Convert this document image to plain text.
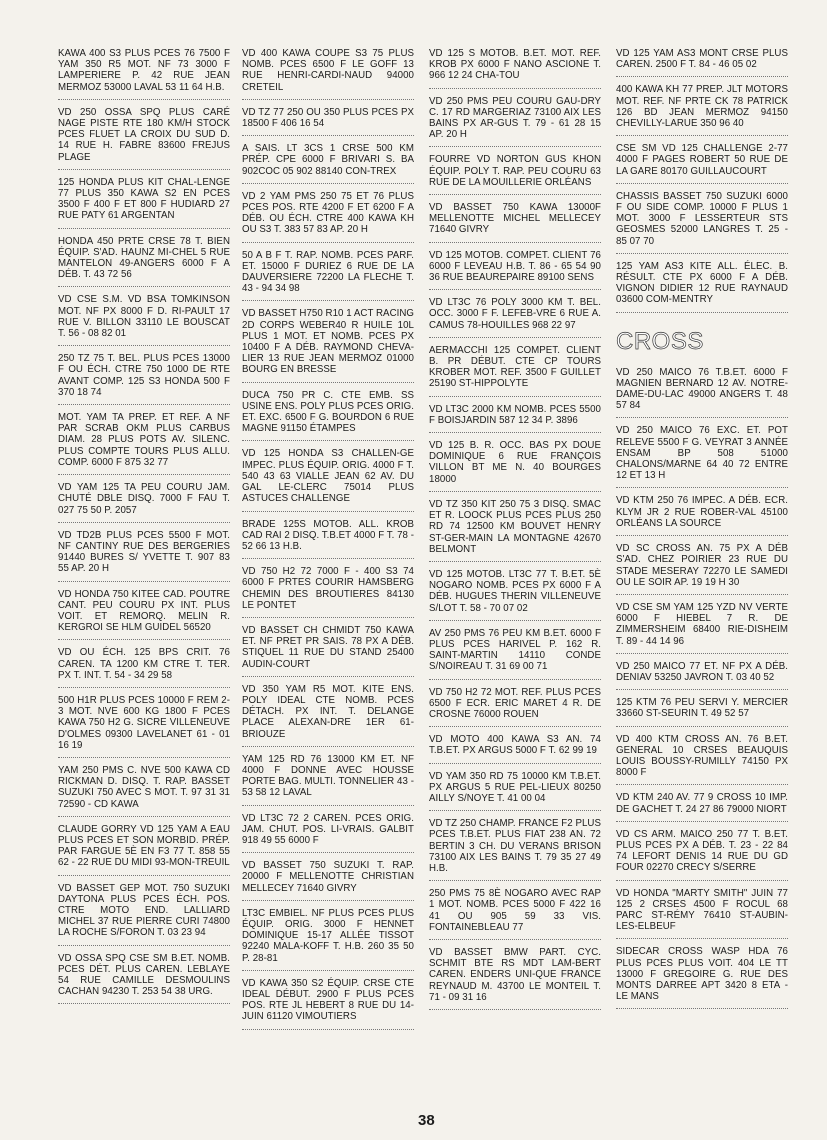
KAWA 400 S3 PLUS PCES 76 7500 F YAM 350 R5 MOT. NF 73 3000 F LAMPERIERE P. 42 RUE JEAN MERMOZ 53000 LAVAL 53 11 64 H.B.
VD 250 OSSA SPQ PLUS CARÉ NAGE PISTE RTE 180 KM/H STOCK PCES FLUET LA CROIX DU SUD D. 14 RUE H. FABRE 83600 FREJUS PLAGE
125 HONDA PLUS KIT CHAL-LENGE 77 PLUS 350 KAWA S2 EN PCES 3500 F 400 F ET 800 F HUDIARD 27 RUE PATY 61 ARGENTAN
HONDA 450 PRTE CRSE 78 T. BIEN ÉQUIP. S'AD. HAUNZ MI-CHEL 5 RUE MANTELON 49-ANGERS 6000 F A DÉB. T. 43 72 56
VD CSE S.M. VD BSA TOMKINSON MOT. NF PX 8000 F D. RI-PAULT 17 RUE V. BILLON 33110 LE BOUSCAT T. 56 - 08 82 01
250 TZ 75 T. BEL. PLUS PCES 13000 F OU ÉCH. CTRE 750 1000 DE RTE AVANT COMP. 125 S3 HONDA 500 F 370 18 74
MOT. YAM TA PREP. ET REF. A NF PAR SCRAB OKM PLUS CARBUS DIAM. 28 PLUS POTS AV. SILENC. PLUS COMPTE TOURS PLUS ALLU. COMP. 6000 F 875 32 77
VD YAM 125 TA PEU COURU JAM. CHUTÉ DBLE DISQ. 7000 F FAU T. 027 75 50 P. 2057
VD TD2B PLUS PCES 5500 F MOT. NF CANTINY RUE DES BERGERIES 91440 BURES S/ YVETTE T. 907 83 55 AP. 20 H
VD HONDA 750 KITEE CAD. POUTRE CANT. PEU COURU PX INT. PLUS VOIT. ET REMORQ. MELIN R. KERGROI SE HLM GUIDEL 56520
VD OU ÉCH. 125 BPS CRIT. 76 CAREN. TA 1200 KM CTRE T. TER. PX T. INT. T. 54 - 34 29 58
500 H1R PLUS PCES 10000 F REM 2-3 MOT. NVE 600 KG 1800 F PCES KAWA 750 H2 G. SICRE VILLENEUVE D'OLMES 09300 LAVELANET 61 - 01 16 19
YAM 250 PMS C. NVE 500 KAWA CD RICKMAN D. DISQ. T. RAP. BASSET SUZUKI 750 AVEC S MOT. T. 97 31 31 72590 - CD KAWA
CLAUDE GORRY VD 125 YAM A EAU PLUS PCES ET SON MORBID. PRÉP. PAR FARGUE 5È EN F3 77 T. 858 55 62 - 22 RUE DU MIDI 93-MON-TREUIL
VD BASSET GEP MOT. 750 SUZUKI DAYTONA PLUS PCES ÉCH. POS. CTRE MOTO END. LALLIARD MICHEL 37 RUE PIERRE CURI 74800 LA ROCHE S/FORON T. 03 23 94
VD OSSA SPQ CSE SM B.ET. NOMB. PCES DÉT. PLUS CAREN. LEBLAYE 54 RUE CAMILLE DESMOULINS CACHAN 94230 T. 253 54 38 URG.
VD 400 KAWA COUPE S3 75 PLUS NOMB. PCES 6500 F LE GOFF 13 RUE HENRI-CARDI-NAUD 94000 CRETEIL
VD TZ 77 250 OU 350 PLUS PCES PX 18500 F 406 16 54
A SAIS. LT 3CS 1 CRSE 500 KM PRÉP. CPE 6000 F BRIVARI S. BA 902COC 05 902 88140 CON-TREX
VD 2 YAM PMS 250 75 ET 76 PLUS PCES POS. RTE 4200 F ET 6200 F A DÉB. OU ÉCH. CTRE 400 KAWA KH OU S3 T. 383 57 83 AP. 20 H
50 A B F T. RAP. NOMB. PCES PARF. ET. 15000 F DURIEZ 6 RUE DE LA DAUVERSIERE 72200 LA FLECHE T. 43 - 94 34 98
VD BASSET H750 R10 1 ACT RACING 2D CORPS WEBER40 R HUILE 10L PLUS 1 MOT. ET NOMB. PCES PX 10400 F A DÉB. RAYMOND CHEVA-LIER 13 RUE JEAN MERMOZ 01000 BOURG EN BRESSE
DUCA 750 PR C. CTE EMB. SS USINE ENS. POLY PLUS PCES ORIG. ET. EXC. 6500 F G. BOURDON 6 RUE MAGNE 91150 ÉTAMPES
VD 125 HONDA S3 CHALLEN-GE IMPEC. PLUS ÉQUIP. ORIG. 4000 F T. 540 43 63 VIALLE JEAN 62 AV. DU GAL LE-CLERC 75014 PLUS ASTUCES CHALLENGE
BRADE 125S MOTOB. ALL. KROB CAD RAI 2 DISQ. T.B.ET 4000 F T. 78 - 52 66 13 H.B.
VD 750 H2 72 7000 F - 400 S3 74 6000 F PRTES COURIR HAMSBERG CHEMIN DES BROUTIERES 84130 LE PONTET
VD BASSET CH CHMIDT 750 KAWA ET. NF PRET PR SAIS. 78 PX A DÉB. STIQUEL 11 RUE DU STAND 25400 AUDIN-COURT
VD 350 YAM R5 MOT. KITE ENS. POLY IDEAL CTE NOMB. PCES DÉTACH. PX INT. T. DELANGE PLACE ALEXAN-DRE 1ER 61-BRIOUZE
YAM 125 RD 76 13000 KM ET. NF 4000 F DONNE AVEC HOUSSE PORTE BAG. MULTI. TONNELIER 43 - 53 58 12 LAVAL
VD LT3C 72 2 CAREN. PCES ORIG. JAM. CHUT. POS. LI-VRAIS. GALBIT 918 49 55 6000 F
VD BASSET 750 SUZUKI T. RAP. 20000 F MELLENOTTE CHRISTIAN MELLECEY 71640 GIVRY
LT3C EMBIEL. NF PLUS PCES PLUS ÉQUIP. ORIG. 3000 F HENNET DOMINIQUE 15-17 ALLÉE TISSOT 92240 MALA-KOFF T. H.B. 260 35 50 P. 28-81
VD KAWA 350 S2 ÉQUIP. CRSE CTE IDEAL DÉBUT. 2900 F PLUS PCES POS. RTE JL HEBERT 8 RUE DU 14-JUIN 61120 VIMOUTIERS
VD 125 S MOTOB. B.ET. MOT. REF. KROB PX 6000 F NANO ASCIONE T. 966 12 24 CHA-TOU
VD 250 PMS PEU COURU GAU-DRY C. 17 RD MARGERIAZ 73100 AIX LES BAINS PX AR-GUS T. 79 - 61 28 15 AP. 20 H
FOURRE VD NORTON GUS KHON ÉQUIP. POLY T. RAP. PEU COURU 63 RUE DE LA MOUILLERIE ORLÉANS
VD BASSET 750 KAWA 13000F MELLENOTTE MICHEL MELLECEY 71640 GIVRY
VD 125 MOTOB. COMPET. CLIENT 76 6000 F LEVEAU H.B. T. 86 - 65 54 90 36 RUE BEAUREPAIRE 89100 SENS
VD LT3C 76 POLY 3000 KM T. BEL. OCC. 3000 F F. LEFEB-VRE 6 RUE A. CAMUS 78-HOUILLES 968 22 97
AERMACCHI 125 COMPET. CLIENT B. PR DÉBUT. CTE CP TOURS KROBER MOT. REF. 3500 F GUILLET 25190 ST-HIPPOLYTE
VD LT3C 2000 KM NOMB. PCES 5500 F BOISJARDIN 587 12 34 P. 3896
VD 125 B. R. OCC. BAS PX DOUE DOMINIQUE 6 RUE FRANÇOIS VILLON BT ME N. 40 BOURGES 18000
VD TZ 350 KIT 250 75 3 DISQ. SMAC ET R. LOOCK PLUS PCES PLUS 250 RD 74 12500 KM BOUVET HENRY ST-GER-MAIN LA MONTAGNE 42670 BELMONT
VD 125 MOTOB. LT3C 77 T. B.ET. 5È NOGARO NOMB. PCES PX 6000 F A DÉB. HUGUES THERIN VILLENEUVE S/LOT T. 58 - 70 07 02
AV 250 PMS 76 PEU KM B.ET. 6000 F PLUS PCES HARIVEL P. 162 R. SAINT-MARTIN 14110 CONDE S/NOIREAU T. 31 69 00 71
VD 750 H2 72 MOT. REF. PLUS PCES 6500 F ECR. ERIC MARET 4 R. DE CROSNE 76000 ROUEN
VD MOTO 400 KAWA S3 AN. 74 T.B.ET. PX ARGUS 5000 F T. 62 99 19
VD YAM 350 RD 75 10000 KM T.B.ET. PX ARGUS 5 RUE PEL-LIEUX 80250 AILLY S/NOYE T. 41 00 04
VD TZ 250 CHAMP. FRANCE F2 PLUS PCES T.B.ET. PLUS FIAT 238 AN. 72 BERTIN 3 CH. DU VERANS BRISON 73100 AIX LES BAINS T. 79 35 27 49 H.B.
250 PMS 75 8È NOGARO AVEC RAP 1 MOT. NOMB. PCES 5000 F 422 16 41 OU 905 59 33 VIS. FONTAINEBLEAU 77
VD BASSET BMW PART. CYC. SCHMIT BTE RS MDT LAM-BERT CAREN. ENDERS UNI-QUE FRANCE REYNAUD M. 43700 LE MONTEIL T. 71 - 09 31 16
VD 125 YAM AS3 MONT CRSE PLUS CAREN. 2500 F T. 84 - 46 05 02
400 KAWA KH 77 PREP. JLT MOTORS MOT. REF. NF PRTE CK 78 PATRICK 126 BD JEAN MERMOZ 94150 CHEVILLY-LARUE 350 96 40
CSE SM VD 125 CHALLENGE 2-77 4000 F PAGES ROBERT 50 RUE DE LA GARE 80170 GUILLAUCOURT
CHASSIS BASSET 750 SUZUKI 6000 F OU SIDE COMP. 10000 F PLUS 1 MOT. 3000 F LESSERTEUR STS GEOSMES 52000 LANGRES T. 25 - 85 07 70
125 YAM AS3 KITE ALL. ÉLEC. B. RÉSULT. CTE PX 6000 F A DÉB. VIGNON DIDIER 12 RUE RAYNAUD 03600 COM-MENTRY
CROSS
VD 250 MAICO 76 T.B.ET. 6000 F MAGNIEN BERNARD 12 AV. NOTRE-DAME-DU-LAC 49000 ANGERS T. 48 57 84
VD 250 MAICO 76 EXC. ET. POT RELEVE 5500 F G. VEYRAT 3 ANNÉE ENSAM BP 508 51000 CHALONS/MARNE 64 40 72 ENTRE 12 ET 13 H
VD KTM 250 76 IMPEC. A DÉB. ECR. KLYM JR 2 RUE ROBER-VAL 45100 ORLÉANS LA SOURCE
VD SC CROSS AN. 75 PX A DÉB S'AD. CHEZ POIRIER 23 RUE DU STADE MESERAY 72270 LE SAMEDI OU LE SOIR AP. 19 19 H 30
VD CSE SM YAM 125 YZD NV VERTE 6000 F HIEBEL 7 R. DE ZIMMERSHEIM 68400 RIE-DISHEIM T. 89 - 44 14 96
VD 250 MAICO 77 ET. NF PX A DÉB. DENIAV 53250 JAVRON T. 03 40 52
125 KTM 76 PEU SERVI Y. MERCIER 33660 ST-SEURIN T. 49 52 57
VD 400 KTM CROSS AN. 76 B.ET. GENERAL 10 CRSES BEAUQUIS LOUIS BOUSSY-RUMILLY 74150 PX 8000 F
VD KTM 240 AV. 77 9 CROSS 10 IMP. DE GACHET T. 24 27 86 79000 NIORT
VD CS ARM. MAICO 250 77 T. B.ET. PLUS PCES PX A DÉB. T. 23 - 22 84 74 LEFORT DENIS 14 RUE DU GD FOUR 02270 CRECY S/SERRE
VD HONDA "MARTY SMITH" JUIN 77 125 2 CRSES 4500 F ROCUL 68 PARC ST-RÉMY 76410 ST-AUBIN-LES-ELBEUF
SIDECAR CROSS WASP HDA 76 PLUS PCES PLUS VOIT. 404 LE TT 13000 F GREGOIRE G. RUE DES MONTS DARREE APT 3420 8 ETA - LE MANS
38
